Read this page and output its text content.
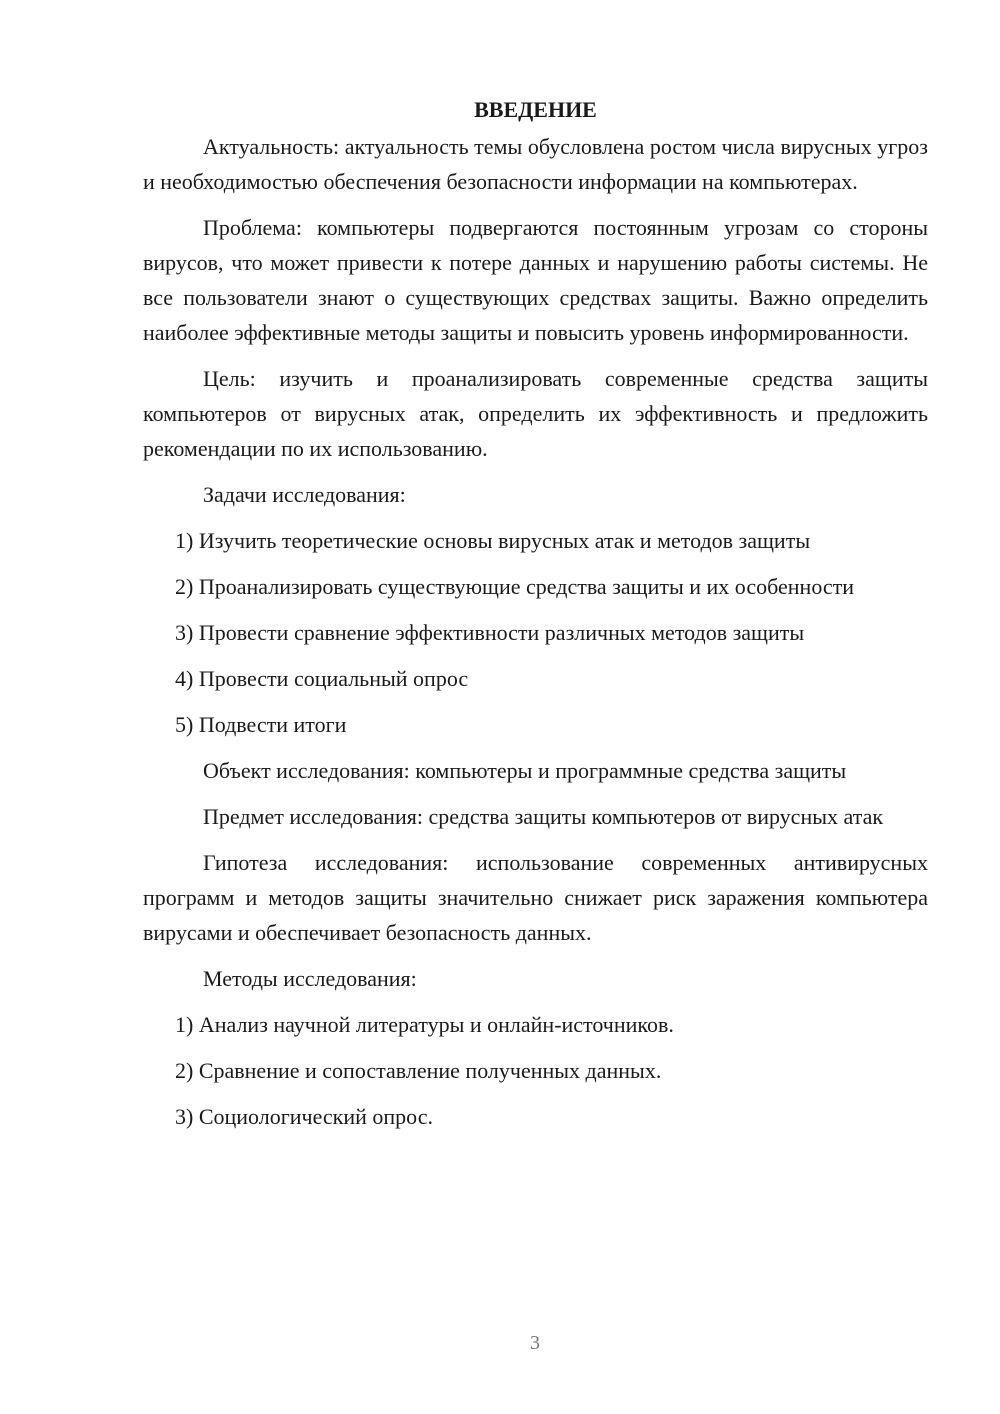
ВВЕДЕНИЕ

Актуальность: актуальность темы обусловлена ростом числа вирусных угроз и необходимостью обеспечения безопасности информации на компьютерах.

Проблема: компьютеры подвергаются постоянным угрозам со стороны вирусов, что может привести к потере данных и нарушению работы системы. Не все пользователи знают о существующих средствах защиты. Важно определить наиболее эффективные методы защиты и повысить уровень информированности.

Цель: изучить и проанализировать современные средства защиты компьютеров от вирусных атак, определить их эффективность и предложить рекомендации по их использованию.

Задачи исследования:

1) Изучить теоретические основы вирусных атак и методов защиты

2) Проанализировать существующие средства защиты и их особенности

3) Провести сравнение эффективности различных методов защиты

4) Провести социальный опрос

5) Подвести итоги

Объект исследования: компьютеры и программные средства защиты

Предмет исследования: средства защиты компьютеров от вирусных атак

Гипотеза исследования: использование современных антивирусных программ и методов защиты значительно снижает риск заражения компьютера вирусами и обеспечивает безопасность данных.

Методы исследования:

1) Анализ научной литературы и онлайн-источников.

2) Сравнение и сопоставление полученных данных.

3) Социологический опрос.

3
